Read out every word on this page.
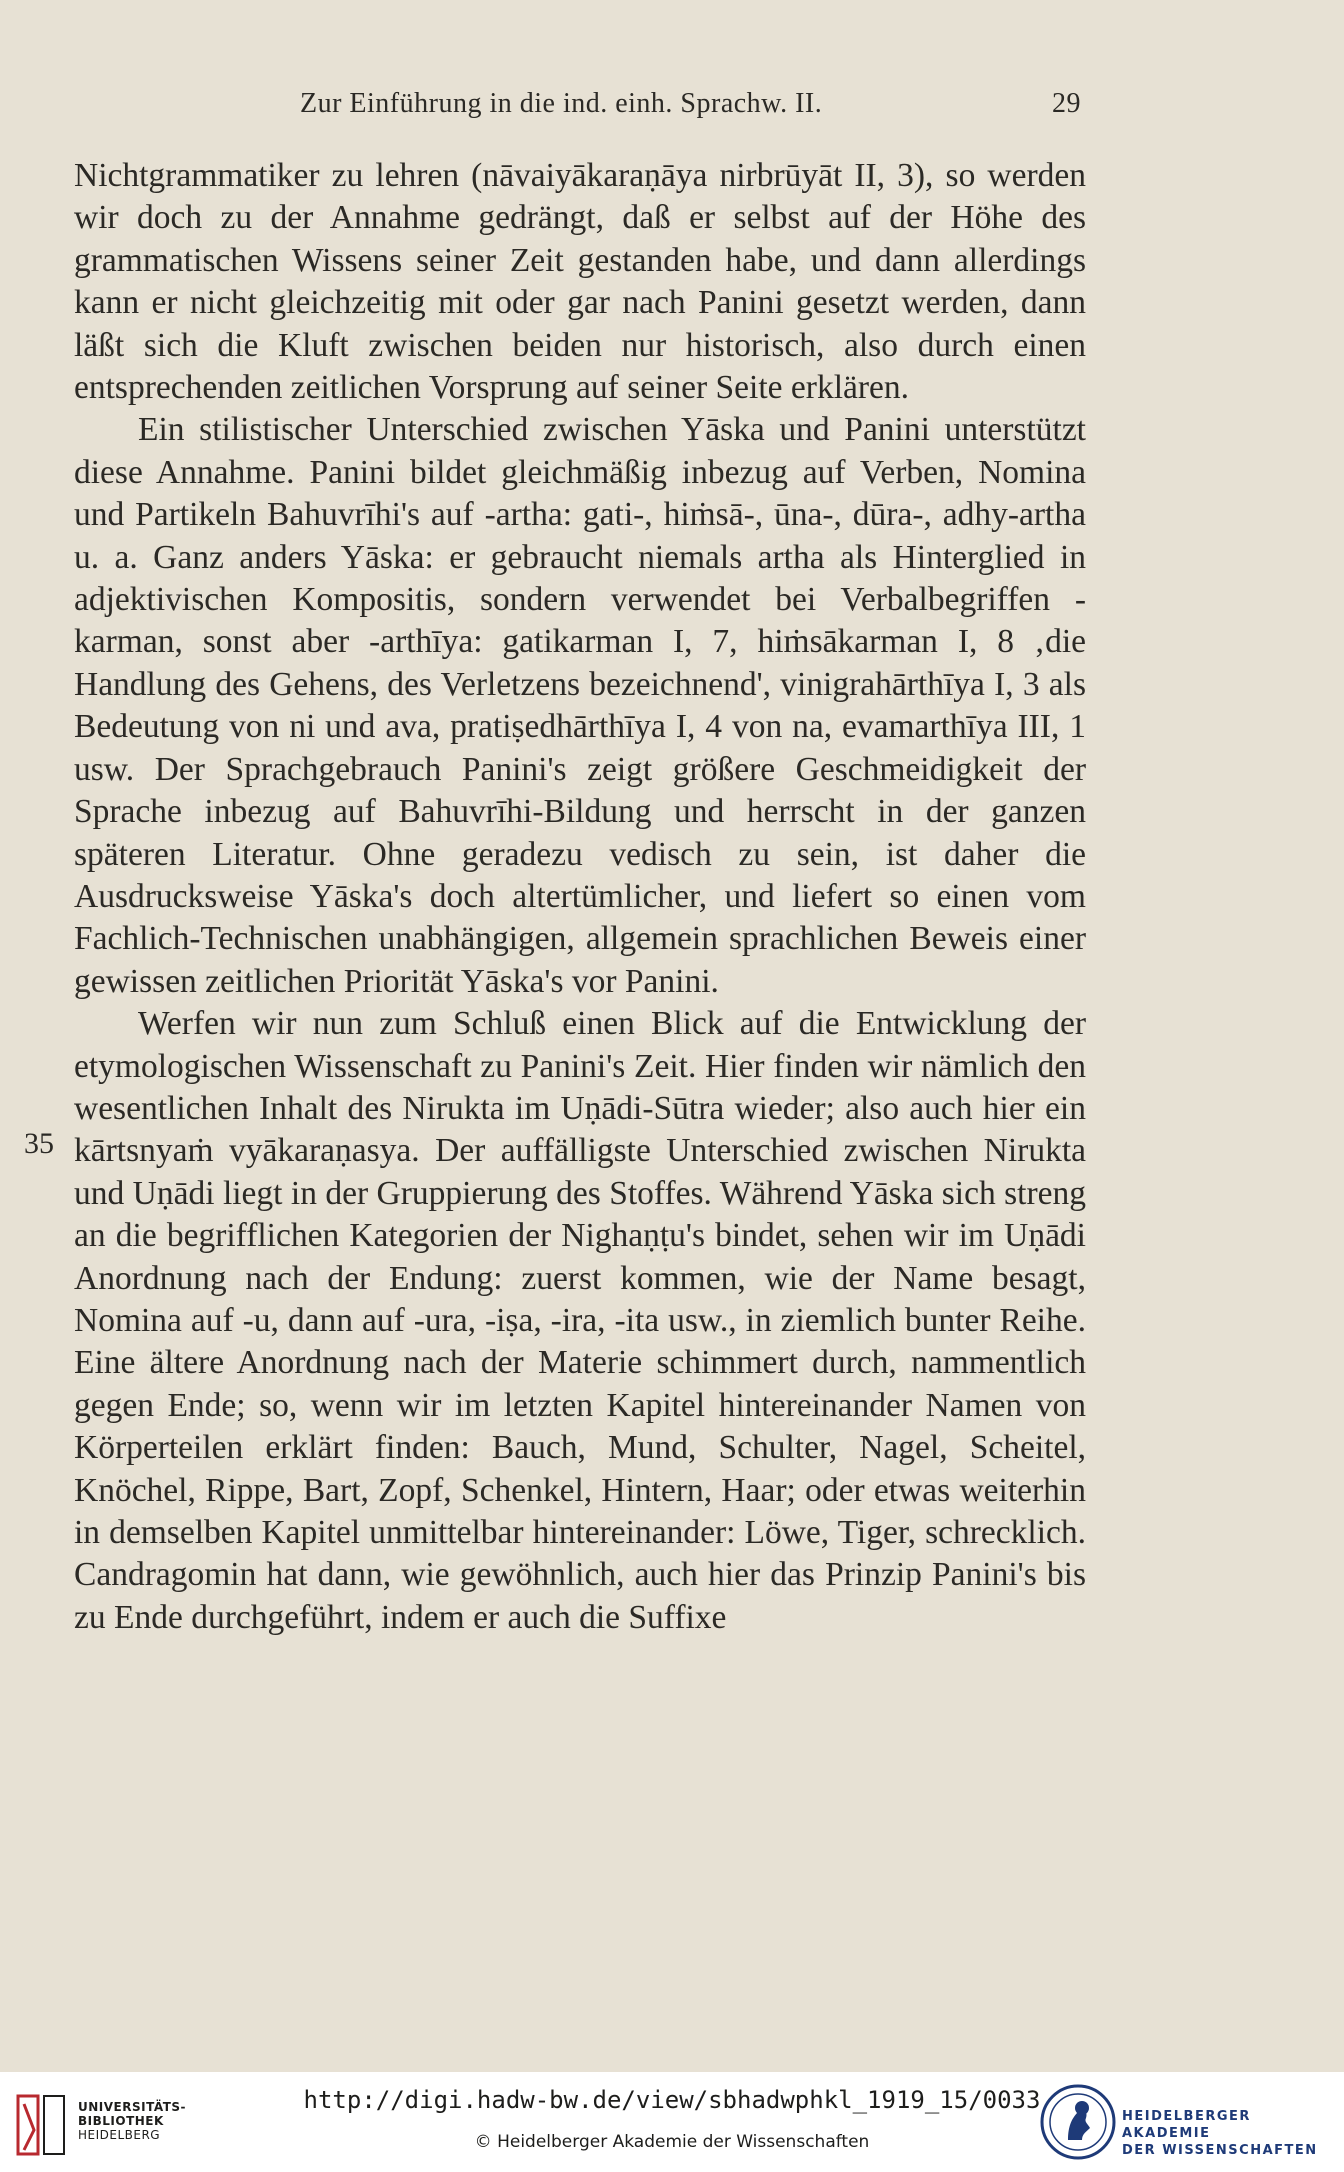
Zur Einführung in die ind. einh. Sprachw. II.	29
35

Nichtgrammatiker zu lehren (nāvaiyākaraṇāya nirbrūyāt II, 3), so werden wir doch zu der Annahme gedrängt, daß er selbst auf der Höhe des grammatischen Wissens seiner Zeit gestanden habe, und dann allerdings kann er nicht gleichzeitig mit oder gar nach Panini gesetzt werden, dann läßt sich die Kluft zwischen beiden nur historisch, also durch einen entsprechenden zeitlichen Vorsprung auf seiner Seite erklären.

Ein stilistischer Unterschied zwischen Yāska und Panini unterstützt diese Annahme. Panini bildet gleichmäßig inbezug auf Verben, Nomina und Partikeln Bahuvrīhi's auf -artha: gati-, hiṁsā-, ūna-, dūra-, adhy-artha u. a. Ganz anders Yāska: er gebraucht niemals artha als Hinterglied in adjektivischen Kompositis, sondern verwendet bei Verbalbegriffen -karman, sonst aber -arthīya: gatikarman I, 7, hiṁsākarman I, 8 ‚die Handlung des Gehens, des Verletzens bezeichnend', vinigrahārthīya I, 3 als Bedeutung von ni und ava, pratiṣedhārthīya I, 4 von na, evamarthīya III, 1 usw. Der Sprachgebrauch Panini's zeigt größere Geschmeidigkeit der Sprache inbezug auf Bahuvrīhi-Bildung und herrscht in der ganzen späteren Literatur. Ohne geradezu vedisch zu sein, ist daher die Ausdrucksweise Yāska's doch altertümlicher, und liefert so einen vom Fachlich-Technischen unabhängigen, allgemein sprachlichen Beweis einer gewissen zeitlichen Priorität Yāska's vor Panini.

Werfen wir nun zum Schluß einen Blick auf die Entwicklung der etymologischen Wissenschaft zu Panini's Zeit. Hier finden wir nämlich den wesentlichen Inhalt des Nirukta im Uṇādi-Sūtra wieder; also auch hier ein kārtsnyaṁ vyākaraṇasya. Der auffälligste Unterschied zwischen Nirukta und Uṇādi liegt in der Gruppierung des Stoffes. Während Yāska sich streng an die begrifflichen Kategorien der Nighaṇṭu's bindet, sehen wir im Uṇādi Anordnung nach der Endung: zuerst kommen, wie der Name besagt, Nomina auf -u, dann auf -ura, -iṣa, -ira, -ita usw., in ziemlich bunter Reihe. Eine ältere Anordnung nach der Materie schimmert durch, nammentlich gegen Ende; so, wenn wir im letzten Kapitel hintereinander Namen von Körperteilen erklärt finden: Bauch, Mund, Schulter, Nagel, Scheitel, Knöchel, Rippe, Bart, Zopf, Schenkel, Hintern, Haar; oder etwas weiterhin in demselben Kapitel unmittelbar hintereinander: Löwe, Tiger, schrecklich. Candragomin hat dann, wie gewöhnlich, auch hier das Prinzip Panini's bis zu Ende durchgeführt, indem er auch die Suffixe

UNIVERSITÄTS-
BIBLIOTHEK
HEIDELBERG
http://digi.hadw-bw.de/view/sbhadwphkl_1919_15/0033
© Heidelberger Akademie der Wissenschaften
HEIDELBERGER AKADEMIE
DER WISSENSCHAFTEN
